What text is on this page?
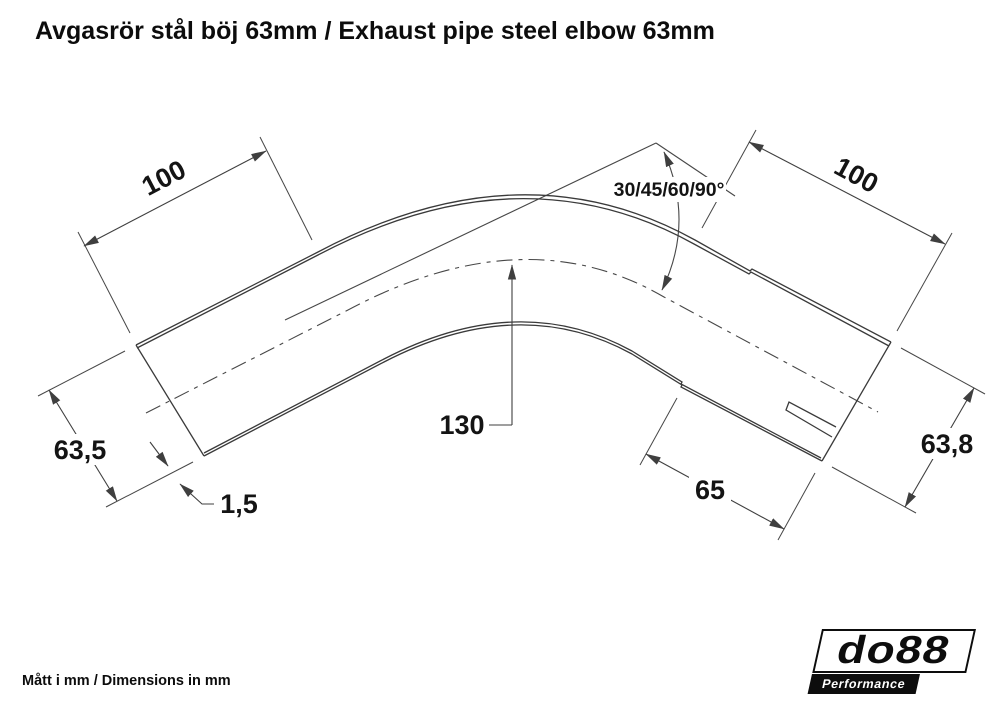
Avgasrör stål böj 63mm / Exhaust pipe steel elbow 63mm
100	100
30/45/60/90°
130
63,5
1,5	65
63,8
Mått i mm / Dimensions in mm
do88
Performance
